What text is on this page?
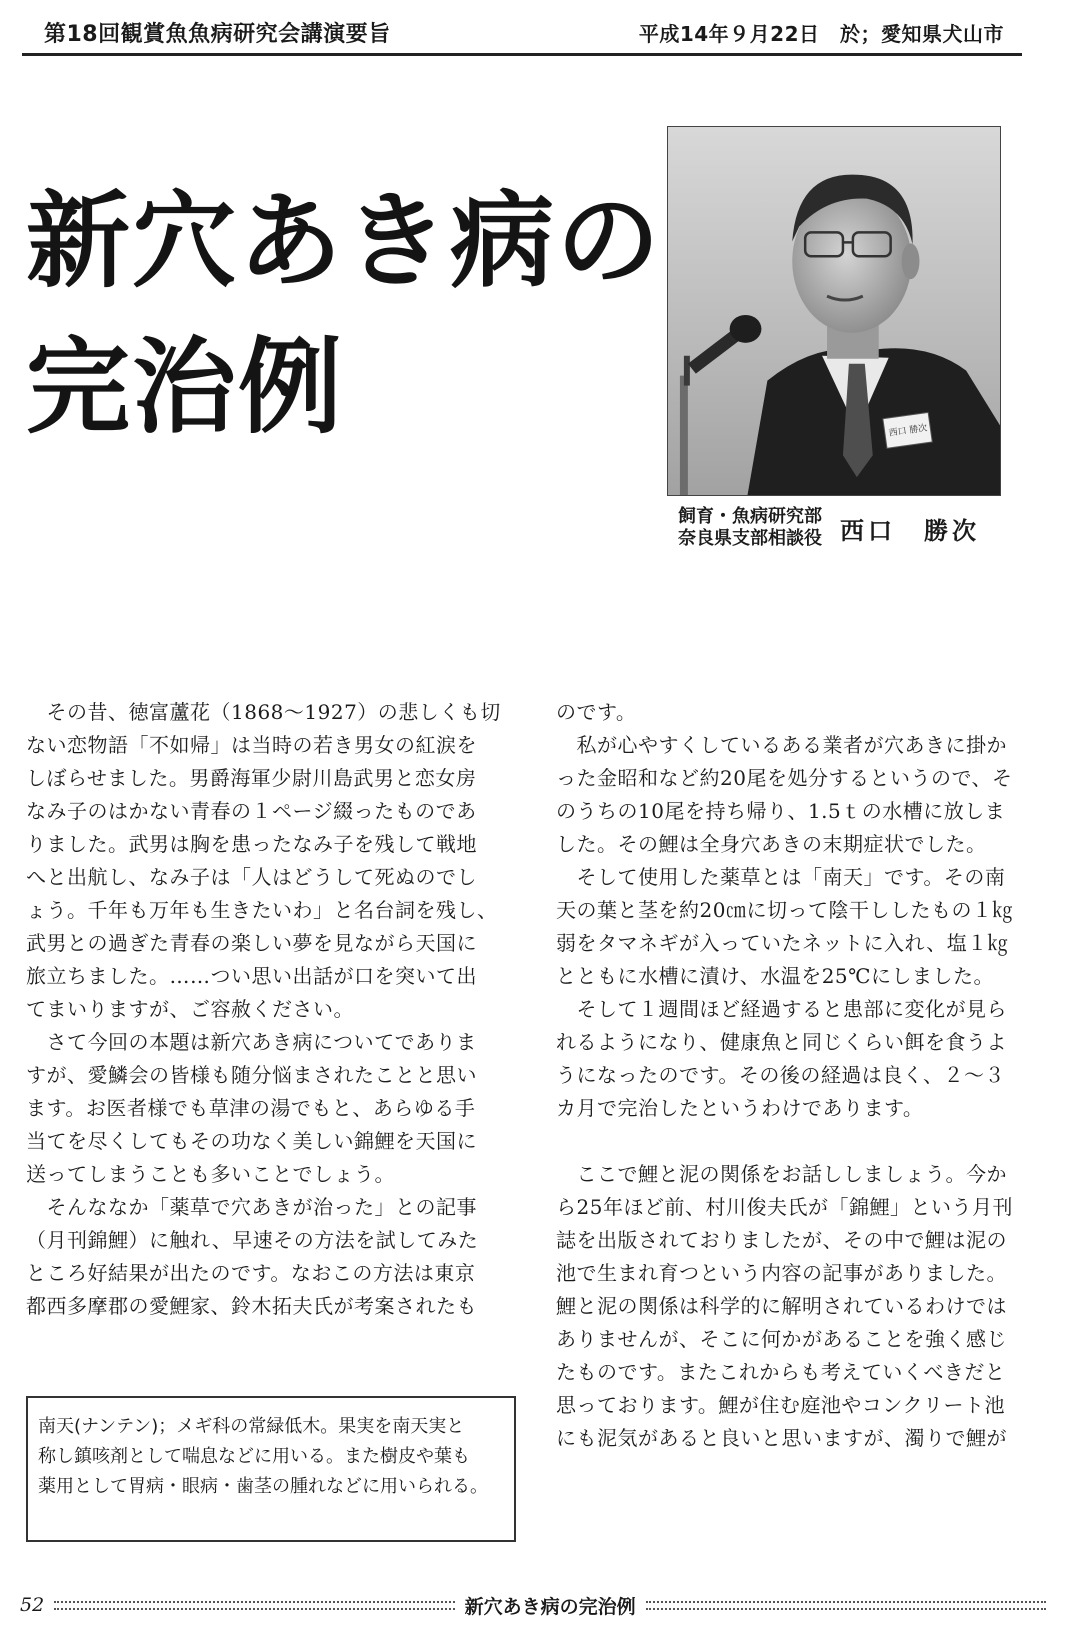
第18回観賞魚魚病研究会講演要旨	平成14年９月22日　於；愛知県犬山市
新穴あき病の
完治例	西口 勝次
飼育・魚病研究部
奈良県支部相談役 西口　勝次
　その昔、徳富蘆花（1868〜1927）の悲しくも切
ない恋物語「不如帰」は当時の若き男女の紅涙を
しぼらせました。男爵海軍少尉川島武男と恋女房
なみ子のはかない青春の１ページ綴ったものであ
りました。武男は胸を患ったなみ子を残して戦地
へと出航し、なみ子は「人はどうして死ぬのでし
ょう。千年も万年も生きたいわ」と名台詞を残し、
武男との過ぎた青春の楽しい夢を見ながら天国に
旅立ちました。……つい思い出話が口を突いて出
てまいりますが、ご容赦ください。
　さて今回の本題は新穴あき病についてでありま
すが、愛鱗会の皆様も随分悩まされたことと思い
ます。お医者様でも草津の湯でもと、あらゆる手
当てを尽くしてもその功なく美しい錦鯉を天国に
送ってしまうことも多いことでしょう。
　そんななか「薬草で穴あきが治った」との記事
（月刊錦鯉）に触れ、早速その方法を試してみた
ところ好結果が出たのです。なおこの方法は東京
都西多摩郡の愛鯉家、鈴木拓夫氏が考案されたも
のです。
　私が心やすくしているある業者が穴あきに掛か
った金昭和など約20尾を処分するというので、そ
のうちの10尾を持ち帰り、1.5ｔの水槽に放しま
した。その鯉は全身穴あきの末期症状でした。
　そして使用した薬草とは「南天」です。その南
天の葉と茎を約20㎝に切って陰干ししたもの１㎏
弱をタマネギが入っていたネットに入れ、塩１㎏
とともに水槽に漬け、水温を25℃にしました。
　そして１週間ほど経過すると患部に変化が見ら
れるようになり、健康魚と同じくらい餌を食うよ
うになったのです。その後の経過は良く、２〜３
カ月で完治したというわけであります。
　ここで鯉と泥の関係をお話ししましょう。今か
ら25年ほど前、村川俊夫氏が「錦鯉」という月刊
誌を出版されておりましたが、その中で鯉は泥の
池で生まれ育つという内容の記事がありました。
鯉と泥の関係は科学的に解明されているわけでは
ありませんが、そこに何かがあることを強く感じ
たものです。またこれからも考えていくべきだと
思っております。鯉が住む庭池やコンクリート池
にも泥気があると良いと思いますが、濁りで鯉が
南天(ナンテン)；メギ科の常緑低木。果実を南天実と
称し鎮咳剤として喘息などに用いる。また樹皮や葉も
薬用として胃病・眼病・歯茎の腫れなどに用いられる。
52	新穴あき病の完治例
